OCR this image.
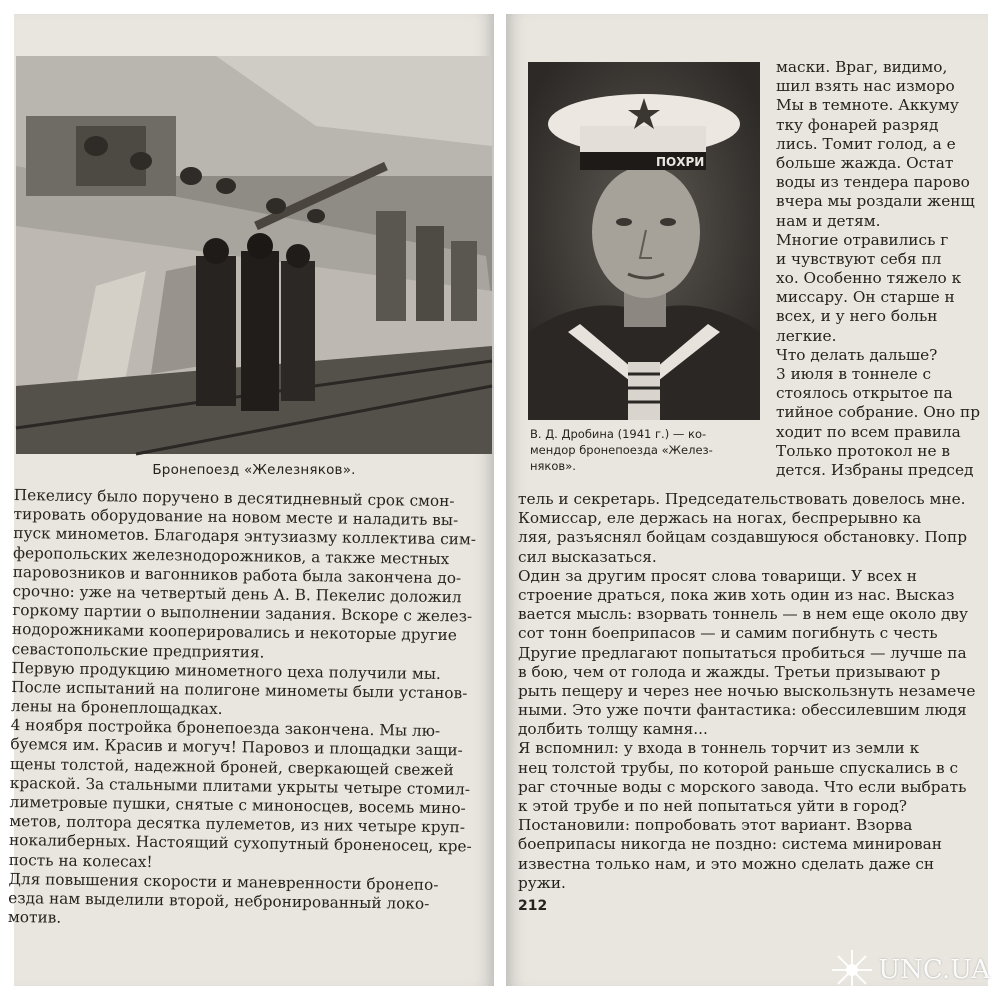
Бронепоезд «Железняков».
Пекелису было поручено в десятидневный срок смон-
тировать оборудование на новом месте и наладить вы-
пуск минометов. Благодаря энтузиазму коллектива сим-
феропольских железнодорожников, а также местных
паровозников и вагонников работа была закончена до-
срочно: уже на четвертый день А. В. Пекелис доложил
горкому партии о выполнении задания. Вскоре с желез-
нодорожниками кооперировались и некоторые другие
севастопольские предприятия.
Первую продукцию минометного цеха получили мы.
После испытаний на полигоне минометы были установ-
лены на бронеплощадках.
4 ноября постройка бронепоезда закончена. Мы лю-
буемся им. Красив и могуч! Паровоз и площадки защи-
щены толстой, надежной броней, сверкающей свежей
краской. За стальными плитами укрыты четыре стомил-
лиметровые пушки, снятые с миноносцев, восемь мино-
метов, полтора десятка пулеметов, из них четыре круп-
нокалиберных. Настоящий сухопутный броненосец, кре-
пость на колесах!
Для повышения скорости и маневренности бронепо-
езда нам выделили второй, небронированный локо-
мотив.
ПОХРИ
В. Д. Дробина (1941 г.) — ко-
мендор бронепоезда «Желез-
няков».
маски. Враг, видимо,
шил взять нас изморо
Мы в темноте. Аккуму
тку фонарей разряд
лись. Томит голод, а е
больше жажда. Остат
воды из тендера парово
вчера мы роздали женщ
нам и детям.
Многие отравились г
и чувствуют себя пл
хо. Особенно тяжело к
миссару. Он старше н
всех, и у него больн
легкие.
Что делать дальше?
3 июля в тоннеле с
стоялось открытое па
тийное собрание. Оно пр
ходит по всем правила
Только протокол не в
дется. Избраны председ
тель и секретарь. Председательствовать довелось мне.
Комиссар, еле держась на ногах, беспрерывно ка
ляя, разъяснял бойцам создавшуюся обстановку. Попр
сил высказаться.
Один за другим просят слова товарищи. У всех н
строение драться, пока жив хоть один из нас. Высказ
вается мысль: взорвать тоннель — в нем еще около дву
сот тонн боеприпасов — и самим погибнуть с честь
Другие предлагают попытаться пробиться — лучше па
в бою, чем от голода и жажды. Третьи призывают р
рыть пещеру и через нее ночью выскользнуть незамече
ными. Это уже почти фантастика: обессилевшим людя
долбить толщу камня...
Я вспомнил: у входа в тоннель торчит из земли к
нец толстой трубы, по которой раньше спускались в с
раг сточные воды с морского завода. Что если выбрать
к этой трубе и по ней попытаться уйти в город?
Постановили: попробовать этот вариант. Взорва
боеприпасы никогда не поздно: система минирован
известна только нам, и это можно сделать даже сн
ружи.
212
UNC.UA
